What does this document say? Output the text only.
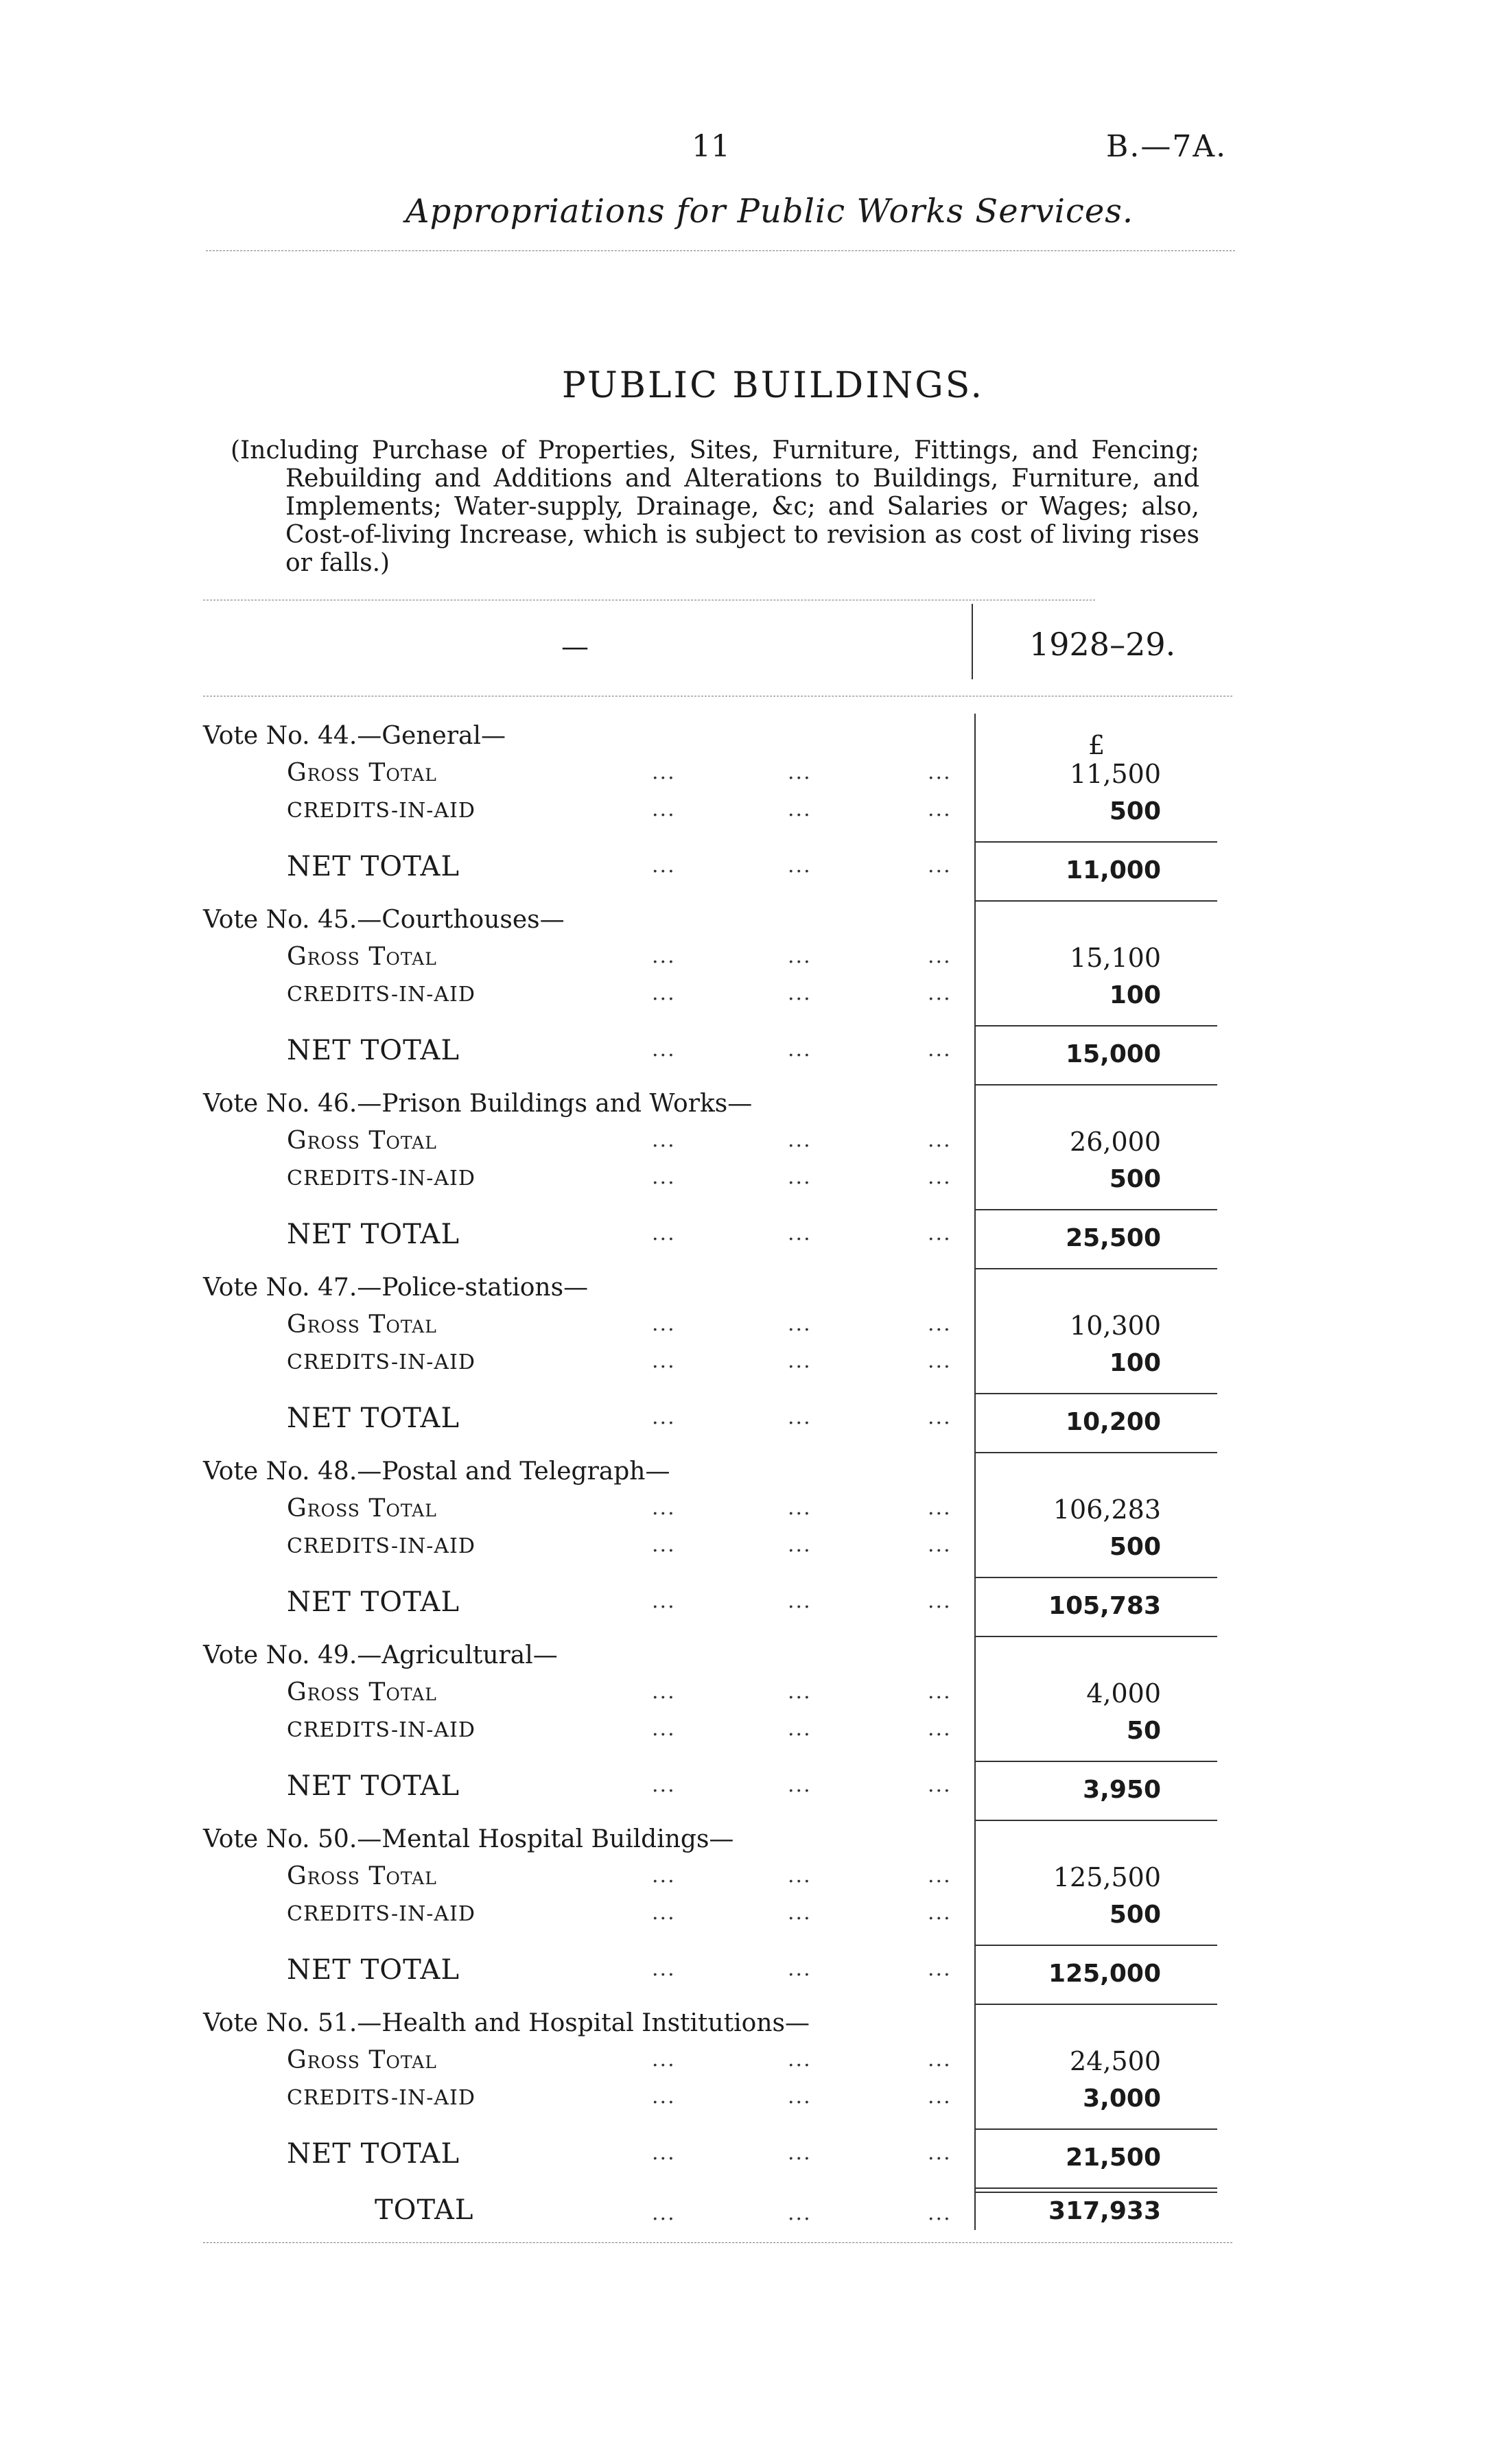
11	B.—7A.
Appropriations for Public Works Services.
PUBLIC BUILDINGS.
(Including Purchase of Properties, Sites, Furniture, Fittings, and Fencing; Rebuilding and Additions and Alterations to Buildings, Furniture, and Implements; Water-supply, Drainage, &c; and Salaries or Wages; also, Cost-of-living Increase, which is subject to revision as cost of living rises or falls.)
—	1928–29.
£
Vote No. 44.—General—
Gross Total	...	...	...	11,500
CREDITS-IN-AID	...	...	...	500
NET TOTAL	...	...	...	11,000
Vote No. 45.—Courthouses—
Gross Total	...	...	...	15,100
CREDITS-IN-AID	...	...	...	100
NET TOTAL	...	...	...	15,000
Vote No. 46.—Prison Buildings and Works—
Gross Total	...	...	...	26,000
CREDITS-IN-AID	...	...	...	500
NET TOTAL	...	...	...	25,500
Vote No. 47.—Police-stations—
Gross Total	...	...	...	10,300
CREDITS-IN-AID	...	...	...	100
NET TOTAL	...	...	...	10,200
Vote No. 48.—Postal and Telegraph—
Gross Total	...	...	...	106,283
CREDITS-IN-AID	...	...	...	500
NET TOTAL	...	...	...	105,783
Vote No. 49.—Agricultural—
Gross Total	...	...	...	4,000
CREDITS-IN-AID	...	...	...	50
NET TOTAL	...	...	...	3,950
Vote No. 50.—Mental Hospital Buildings—
Gross Total	...	...	...	125,500
CREDITS-IN-AID	...	...	...	500
NET TOTAL	...	...	...	125,000
Vote No. 51.—Health and Hospital Institutions—
Gross Total	...	...	...	24,500
CREDITS-IN-AID	...	...	...	3,000
NET TOTAL	...	...	...	21,500
TOTAL	...	...	...	317,933
